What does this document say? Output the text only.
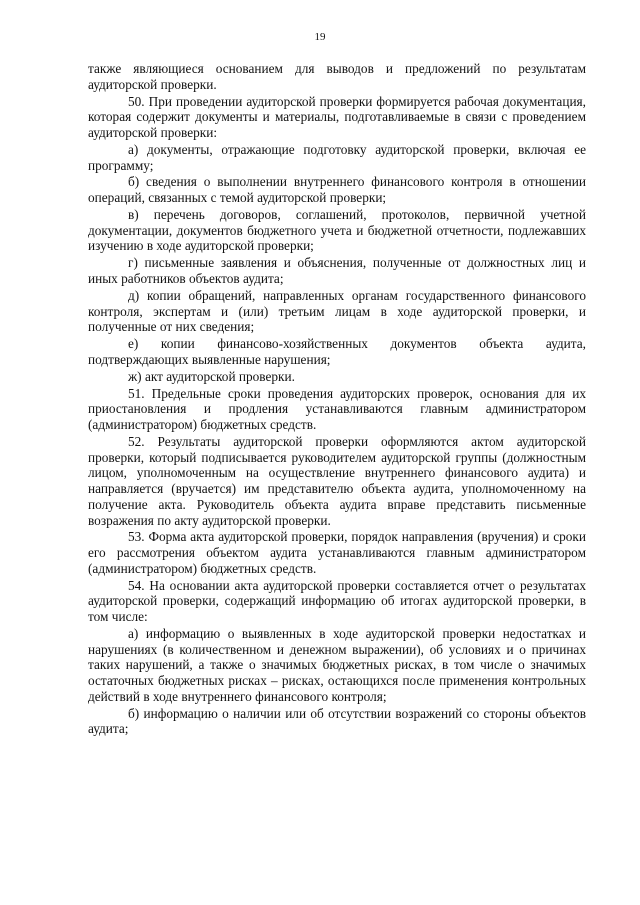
19

также являющиеся основанием для выводов и предложений по результатам аудиторской проверки.

50. При проведении аудиторской проверки формируется рабочая документация, которая содержит документы и материалы, подготавливаемые в связи с проведением аудиторской проверки:

а) документы, отражающие подготовку аудиторской проверки, включая ее программу;

б) сведения о выполнении внутреннего финансового контроля в отношении операций, связанных с темой аудиторской проверки;

в) перечень договоров, соглашений, протоколов, первичной учетной документации, документов бюджетного учета и бюджетной отчетности, подлежавших изучению в ходе аудиторской проверки;

г) письменные заявления и объяснения, полученные от должностных лиц и иных работников объектов аудита;

д) копии обращений, направленных органам государственного финансового контроля, экспертам и (или) третьим лицам в ходе аудиторской проверки, и полученные от них сведения;

е) копии финансово-хозяйственных документов объекта аудита, подтверждающих выявленные нарушения;

ж) акт аудиторской проверки.

51. Предельные сроки проведения аудиторских проверок, основания для их приостановления и продления устанавливаются главным администратором (администратором) бюджетных средств.

52. Результаты аудиторской проверки оформляются актом аудиторской проверки, который подписывается руководителем аудиторской группы (должностным лицом, уполномоченным на осуществление внутреннего финансового аудита) и направляется (вручается) им представителю объекта аудита, уполномоченному на получение акта. Руководитель объекта аудита вправе представить письменные возражения по акту аудиторской проверки.

53. Форма акта аудиторской проверки, порядок направления (вручения) и сроки его рассмотрения объектом аудита устанавливаются главным администратором (администратором) бюджетных средств.

54. На основании акта аудиторской проверки составляется отчет о результатах аудиторской проверки, содержащий информацию об итогах аудиторской проверки, в том числе:

а) информацию о выявленных в ходе аудиторской проверки недостатках и нарушениях (в количественном и денежном выражении), об условиях и о причинах таких нарушений, а также о значимых бюджетных рисках, в том числе о значимых остаточных бюджетных рисках – рисках, остающихся после применения контрольных действий в ходе внутреннего финансового контроля;

б) информацию о наличии или об отсутствии возражений со стороны объектов аудита;
